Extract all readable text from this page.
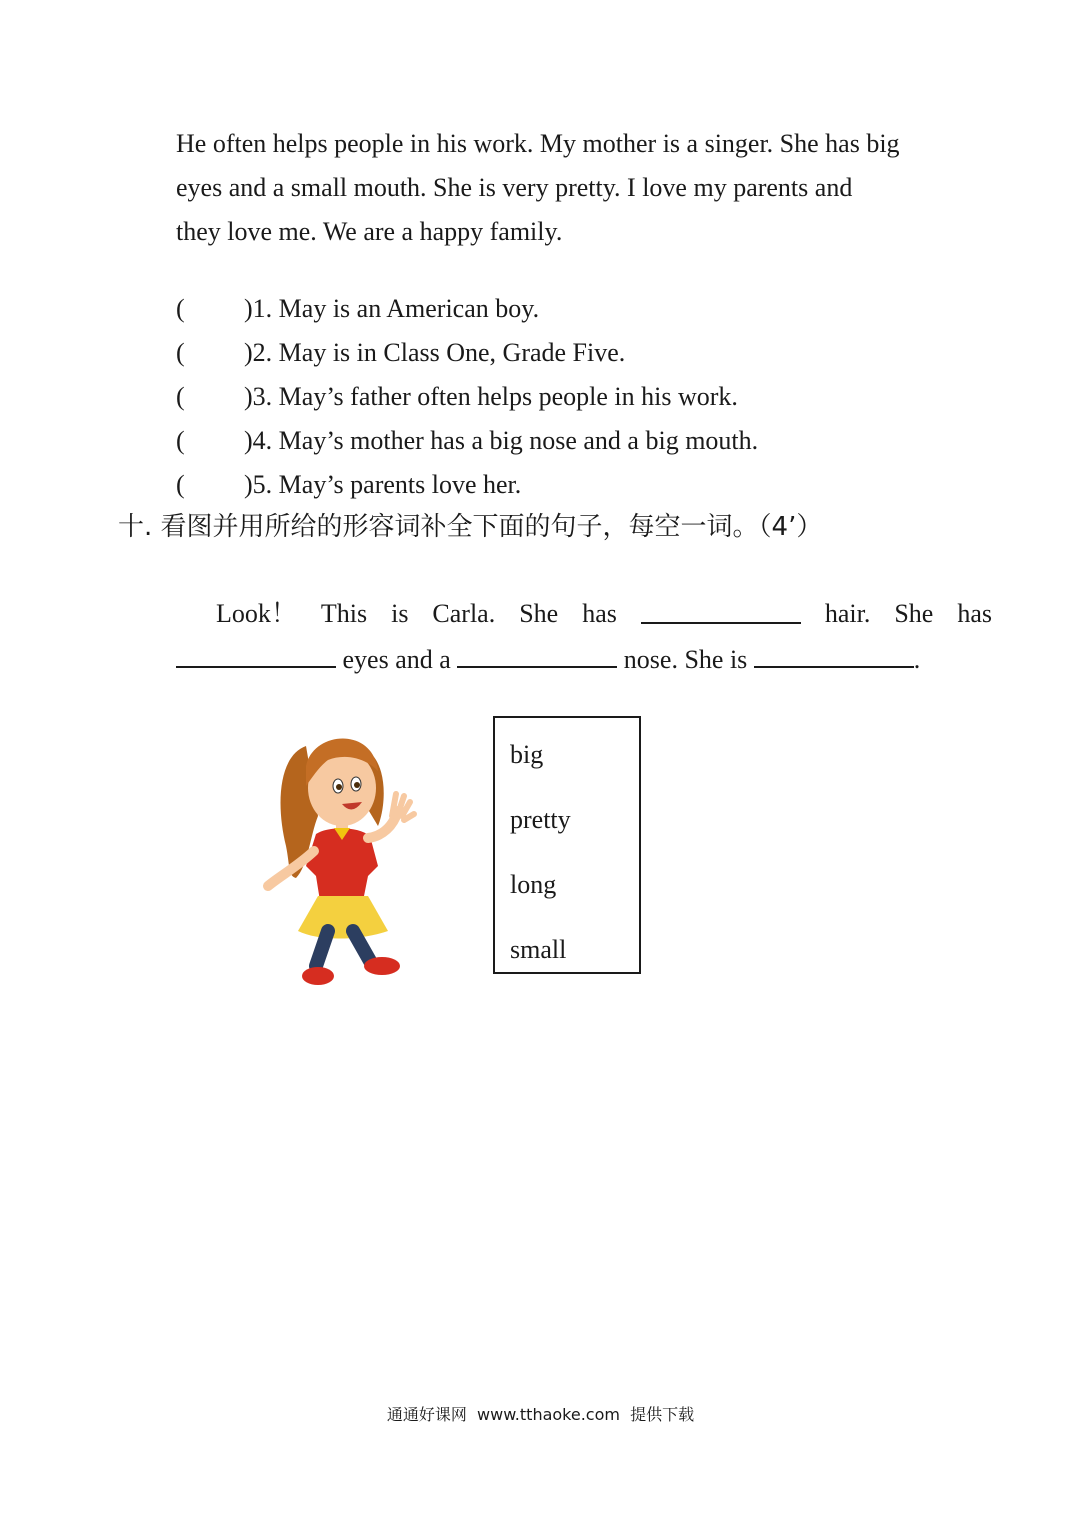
He often helps people in his work. My mother is a singer. She has big

eyes and a small mouth. She is very pretty. I love my parents and

they love me. We are a happy family.

( )1. May is an American boy.
( )2. May is in Class One, Grade Five.
( )3. May’s father often helps people in his work.
( )4. May’s mother has a big nose and a big mouth.
( )5. May’s parents love her.
十. 看图并用所给的形容词补全下面的句子，每空一词。（4’）
Look！ This is Carla. She has	hair. She has
eyes and a	nose. She is	.
big
pretty
long
small
通通好课网  www.tthaoke.com  提供下载
